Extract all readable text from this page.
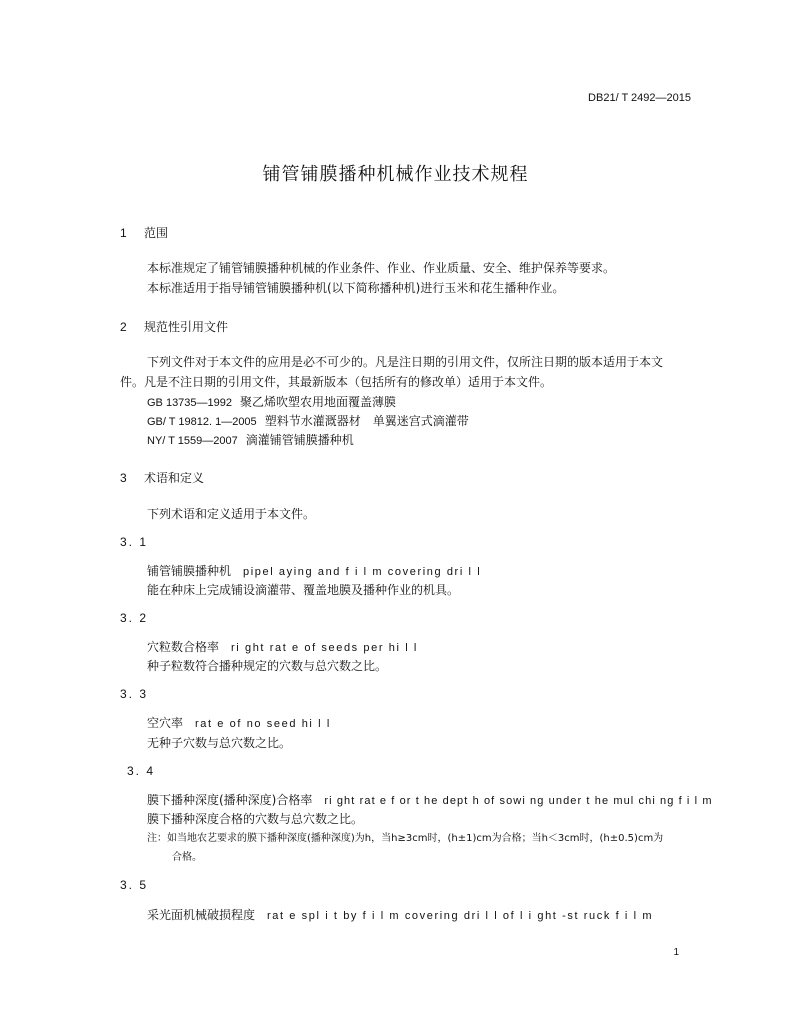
DB21/ T 2492—2015
铺管铺膜播种机械作业技术规程
1 范围
本标准规定了铺管铺膜播种机械的作业条件、作业、作业质量、安全、维护保养等要求。
本标准适用于指导铺管铺膜播种机(以下简称播种机)进行玉米和花生播种作业。
2 规范性引用文件
下列文件对于本文件的应用是必不可少的。凡是注日期的引用文件，仅所注日期的版本适用于本文
件。凡是不注日期的引用文件，其最新版本（包括所有的修改单）适用于本文件。
GB 13735—1992 聚乙烯吹塑农用地面覆盖薄膜
GB/ T 19812. 1—2005 塑料节水灌溉器材　单翼迷宫式滴灌带
NY/ T 1559—2007 滴灌铺管铺膜播种机
3 术语和定义
下列术语和定义适用于本文件。
3. 1
铺管铺膜播种机 pipel aying and f i l m covering dri l l
能在种床上完成铺设滴灌带、覆盖地膜及播种作业的机具。
3. 2
穴粒数合格率 ri ght rat e of seeds per hi l l
种子粒数符合播种规定的穴数与总穴数之比。
3. 3
空穴率 rat e of no seed hi l l
无种子穴数与总穴数之比。
3. 4
膜下播种深度(播种深度)合格率 ri ght rat e f or t he dept h of sowi ng under t he mul chi ng f i l m
膜下播种深度合格的穴数与总穴数之比。
注：如当地农艺要求的膜下播种深度(播种深度)为h，当h≥3cm时，(h±1)cm为合格；当h＜3cm时，(h±0.5)cm为
合格。
3. 5
采光面机械破损程度 rat e spl i t by f i l m covering dri l l of l i ght -st ruck f i l m
1
